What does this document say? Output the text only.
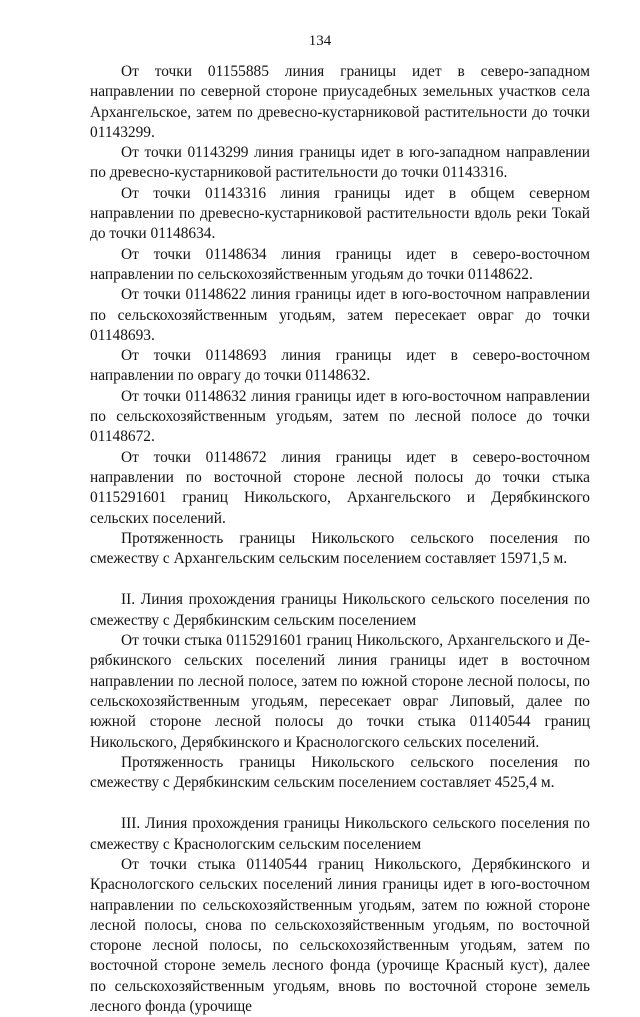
134

От точки 01155885 линия границы идет в северо-западном направлении по северной стороне приусадебных земельных участков села Архангельское, затем по древесно-кустарниковой растительности до точки 01143299.

От точки 01143299 линия границы идет в юго-западном направлении по древесно-кустарниковой растительности до точки 01143316.

От точки 01143316 линия границы идет в общем северном направлении по древесно-кустарниковой растительности вдоль реки Токай до точки 01148634.

От точки 01148634 линия границы идет в северо-восточном направлении по сельскохозяйственным угодьям до точки 01148622.

От точки 01148622 линия границы идет в юго-восточном направлении по сельскохозяйственным угодьям, затем пересекает овраг до точки 01148693.

От точки 01148693 линия границы идет в северо-восточном направлении по оврагу до точки 01148632.

От точки 01148632 линия границы идет в юго-восточном направлении по сельскохозяйственным угодьям, затем по лесной полосе до точки 01148672.

От точки 01148672 линия границы идет в северо-восточном направлении по восточной стороне лесной полосы до точки стыка 0115291601 границ Никольского, Архангельского и Дерябкинского сельских поселений.

Протяженность границы Никольского сельского поселения по смежеству с Архангельским сельским поселением составляет 15971,5 м.

II. Линия прохождения границы Никольского сельского поселения по смежеству с Дерябкинским сельским поселением

От точки стыка 0115291601 границ Никольского, Архангельского и Дерябкинского сельских поселений линия границы идет в восточном направлении по лесной полосе, затем по южной стороне лесной полосы, по сельскохозяйственным угодьям, пересекает овраг Липовый, далее по южной стороне лесной полосы до точки стыка 01140544 границ Никольского, Дерябкинского и Краснологского сельских поселений.

Протяженность границы Никольского сельского поселения по смежеству с Дерябкинским сельским поселением составляет 4525,4 м.

III. Линия прохождения границы Никольского сельского поселения по смежеству с Краснологским сельским поселением

От точки стыка 01140544 границ Никольского, Дерябкинского и Краснологского сельских поселений линия границы идет в юго-восточном направлении по сельскохозяйственным угодьям, затем по южной стороне лесной полосы, снова по сельскохозяйственным угодьям, по восточной стороне лесной полосы, по сельскохозяйственным угодьям, затем по восточной стороне земель лесного фонда (урочище Красный куст), далее по сельскохозяйственным угодьям, вновь по восточной стороне земель лесного фонда (урочище
